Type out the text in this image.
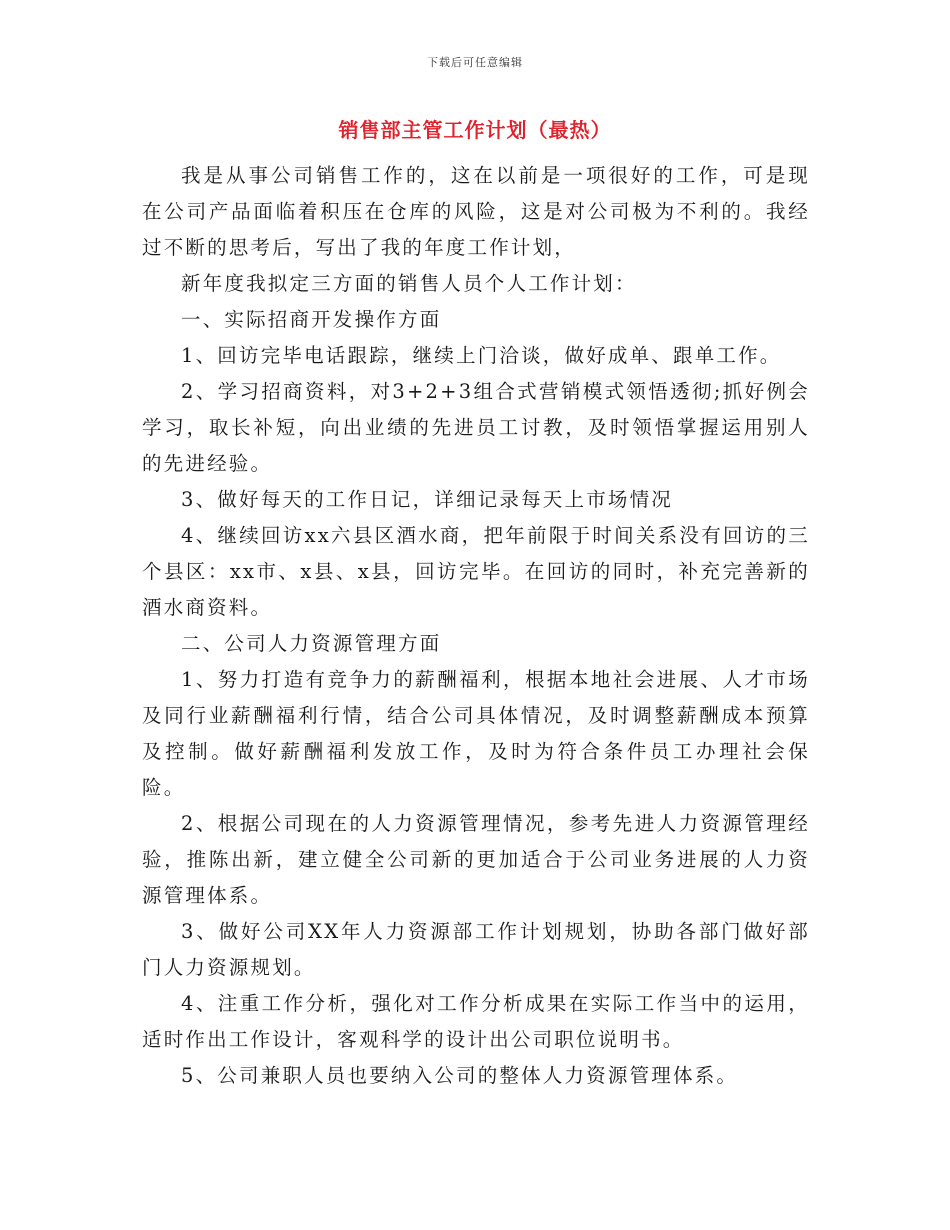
下载后可任意编辑
销售部主管工作计划（最热）

我是从事公司销售工作的，这在以前是一项很好的工作，可是现在公司产品面临着积压在仓库的风险，这是对公司极为不利的。我经过不断的思考后，写出了我的年度工作计划，

新年度我拟定三方面的销售人员个人工作计划：

一、实际招商开发操作方面

1、回访完毕电话跟踪，继续上门洽谈，做好成单、跟单工作。

2、学习招商资料，对3+2+3组合式营销模式领悟透彻;抓好例会学习，取长补短，向出业绩的先进员工讨教，及时领悟掌握运用别人的先进经验。

3、做好每天的工作日记，详细记录每天上市场情况

4、继续回访xx六县区酒水商，把年前限于时间关系没有回访的三个县区：xx市、x县、x县，回访完毕。在回访的同时，补充完善新的酒水商资料。

二、公司人力资源管理方面

1、努力打造有竞争力的薪酬福利，根据本地社会进展、人才市场及同行业薪酬福利行情，结合公司具体情况，及时调整薪酬成本预算及控制。做好薪酬福利发放工作，及时为符合条件员工办理社会保险。

2、根据公司现在的人力资源管理情况，参考先进人力资源管理经验，推陈出新，建立健全公司新的更加适合于公司业务进展的人力资源管理体系。

3、做好公司XX年人力资源部工作计划规划，协助各部门做好部门人力资源规划。

4、注重工作分析，强化对工作分析成果在实际工作当中的运用，适时作出工作设计，客观科学的设计出公司职位说明书。

5、公司兼职人员也要纳入公司的整体人力资源管理体系。
